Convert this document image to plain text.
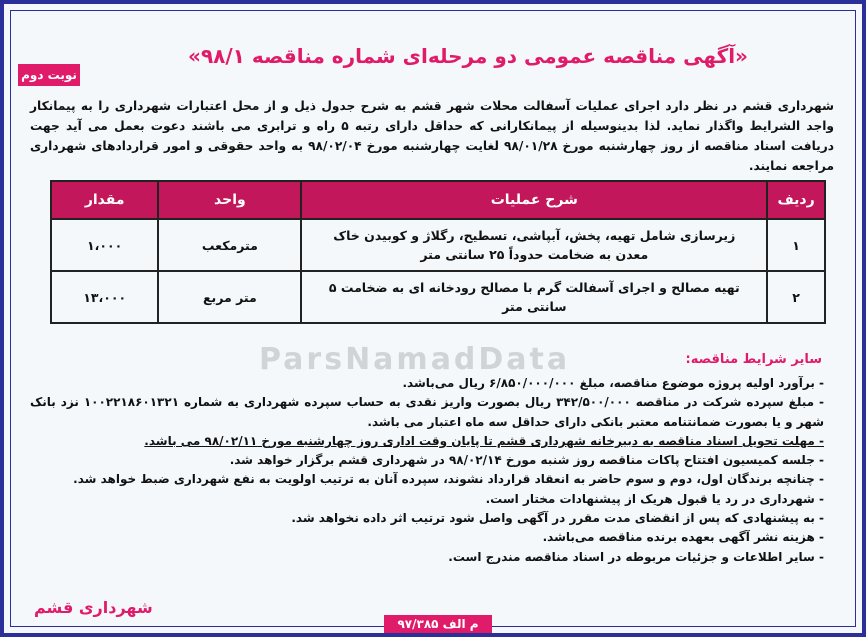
نوبت دوم
«آگهی مناقصه عمومی دو مرحله‌ای شماره مناقصه ۹۸/۱»
شهرداری قشم در نظر دارد اجرای عملیات آسفالت محلات شهر قشم به شرح جدول ذیل و از محل اعتبارات شهرداری را به پیمانکار واجد الشرایط واگذار نماید. لذا بدینوسیله از پیمانکارانی که حداقل دارای رتبه ۵ راه و ترابری می باشند دعوت بعمل می آید جهت دریافت اسناد مناقصه از روز چهارشنبه مورخ ۹۸/۰۱/۲۸ لغایت چهارشنبه مورخ ۹۸/۰۲/۰۴ به واحد حقوقی و امور قراردادهای شهرداری مراجعه نمایند.
ردیف	شرح عملیات	واحد	مقدار
۱	زیرسازی شامل تهیه، پخش، آبپاشی، تسطیح، رگلاژ و کوبیدن خاک معدن به ضخامت حدوداً ۲۵ سانتی متر	مترمکعب	۱،۰۰۰
۲	تهیه مصالح و اجرای آسفالت گرم با مصالح رودخانه ای به ضخامت ۵ سانتی متر	متر مربع	۱۳،۰۰۰
ParsNamadData	سایر شرایط مناقصه:
- برآورد اولیه پروژه موضوع مناقصه، مبلغ ۶/۸۵۰/۰۰۰/۰۰۰ ریال می‌باشد.
- مبلغ سپرده شرکت در مناقصه ۳۴۲/۵۰۰/۰۰۰ ریال بصورت واریز نقدی به حساب سپرده شهرداری به شماره ۱۰۰۲۲۱۸۶۰۱۳۲۱ نزد بانک شهر و یا بصورت ضمانتنامه معتبر بانکی دارای حداقل سه ماه اعتبار می باشد.
- مهلت تحویل اسناد مناقصه به دبیرخانه شهرداری قشم تا پایان وقت اداری روز چهارشنبه مورخ ۹۸/۰۲/۱۱ می باشد.
- جلسه کمیسیون افتتاح پاکات مناقصه روز شنبه مورخ ۹۸/۰۲/۱۴ در شهرداری قشم برگزار خواهد شد.
- چنانچه برندگان اول، دوم و سوم حاضر به انعقاد قرارداد نشوند، سپرده آنان به ترتیب اولویت به نفع شهرداری ضبط خواهد شد.
- شهرداری در رد یا قبول هریک از پیشنهادات مختار است.
- به پیشنهادی که پس از انقضای مدت مقرر در آگهی واصل شود ترتیب اثر داده نخواهد شد.
- هزینه نشر آگهی بعهده برنده مناقصه می‌باشد.
- سایر اطلاعات و جزئیات مربوطه در اسناد مناقصه مندرج است.
شهرداری قشم
م الف ۹۷/۳۸۵
